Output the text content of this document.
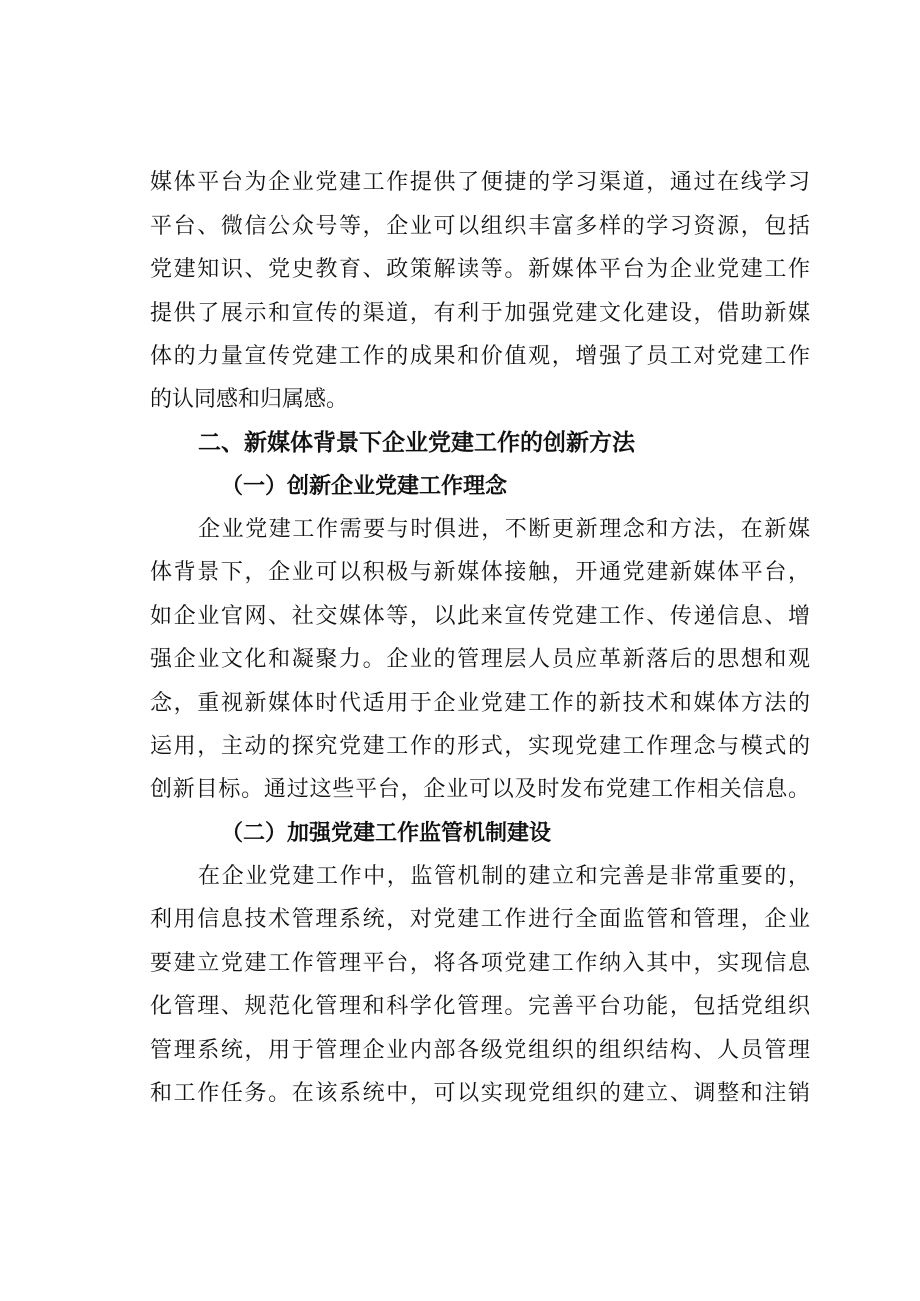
媒体平台为企业党建工作提供了便捷的学习渠道，通过在线学习

平台、微信公众号等，企业可以组织丰富多样的学习资源，包括

党建知识、党史教育、政策解读等。新媒体平台为企业党建工作

提供了展示和宣传的渠道，有利于加强党建文化建设，借助新媒

体的力量宣传党建工作的成果和价值观，增强了员工对党建工作

的认同感和归属感。

二、新媒体背景下企业党建工作的创新方法
（一）创新企业党建工作理念

企业党建工作需要与时俱进，不断更新理念和方法，在新媒

体背景下，企业可以积极与新媒体接触，开通党建新媒体平台，

如企业官网、社交媒体等，以此来宣传党建工作、传递信息、增

强企业文化和凝聚力。企业的管理层人员应革新落后的思想和观

念，重视新媒体时代适用于企业党建工作的新技术和媒体方法的

运用，主动的探究党建工作的形式，实现党建工作理念与模式的

创新目标。通过这些平台，企业可以及时发布党建工作相关信息。

（二）加强党建工作监管机制建设

在企业党建工作中，监管机制的建立和完善是非常重要的，

利用信息技术管理系统，对党建工作进行全面监管和管理，企业

要建立党建工作管理平台，将各项党建工作纳入其中，实现信息

化管理、规范化管理和科学化管理。完善平台功能，包括党组织

管理系统，用于管理企业内部各级党组织的组织结构、人员管理

和工作任务。在该系统中，可以实现党组织的建立、调整和注销
